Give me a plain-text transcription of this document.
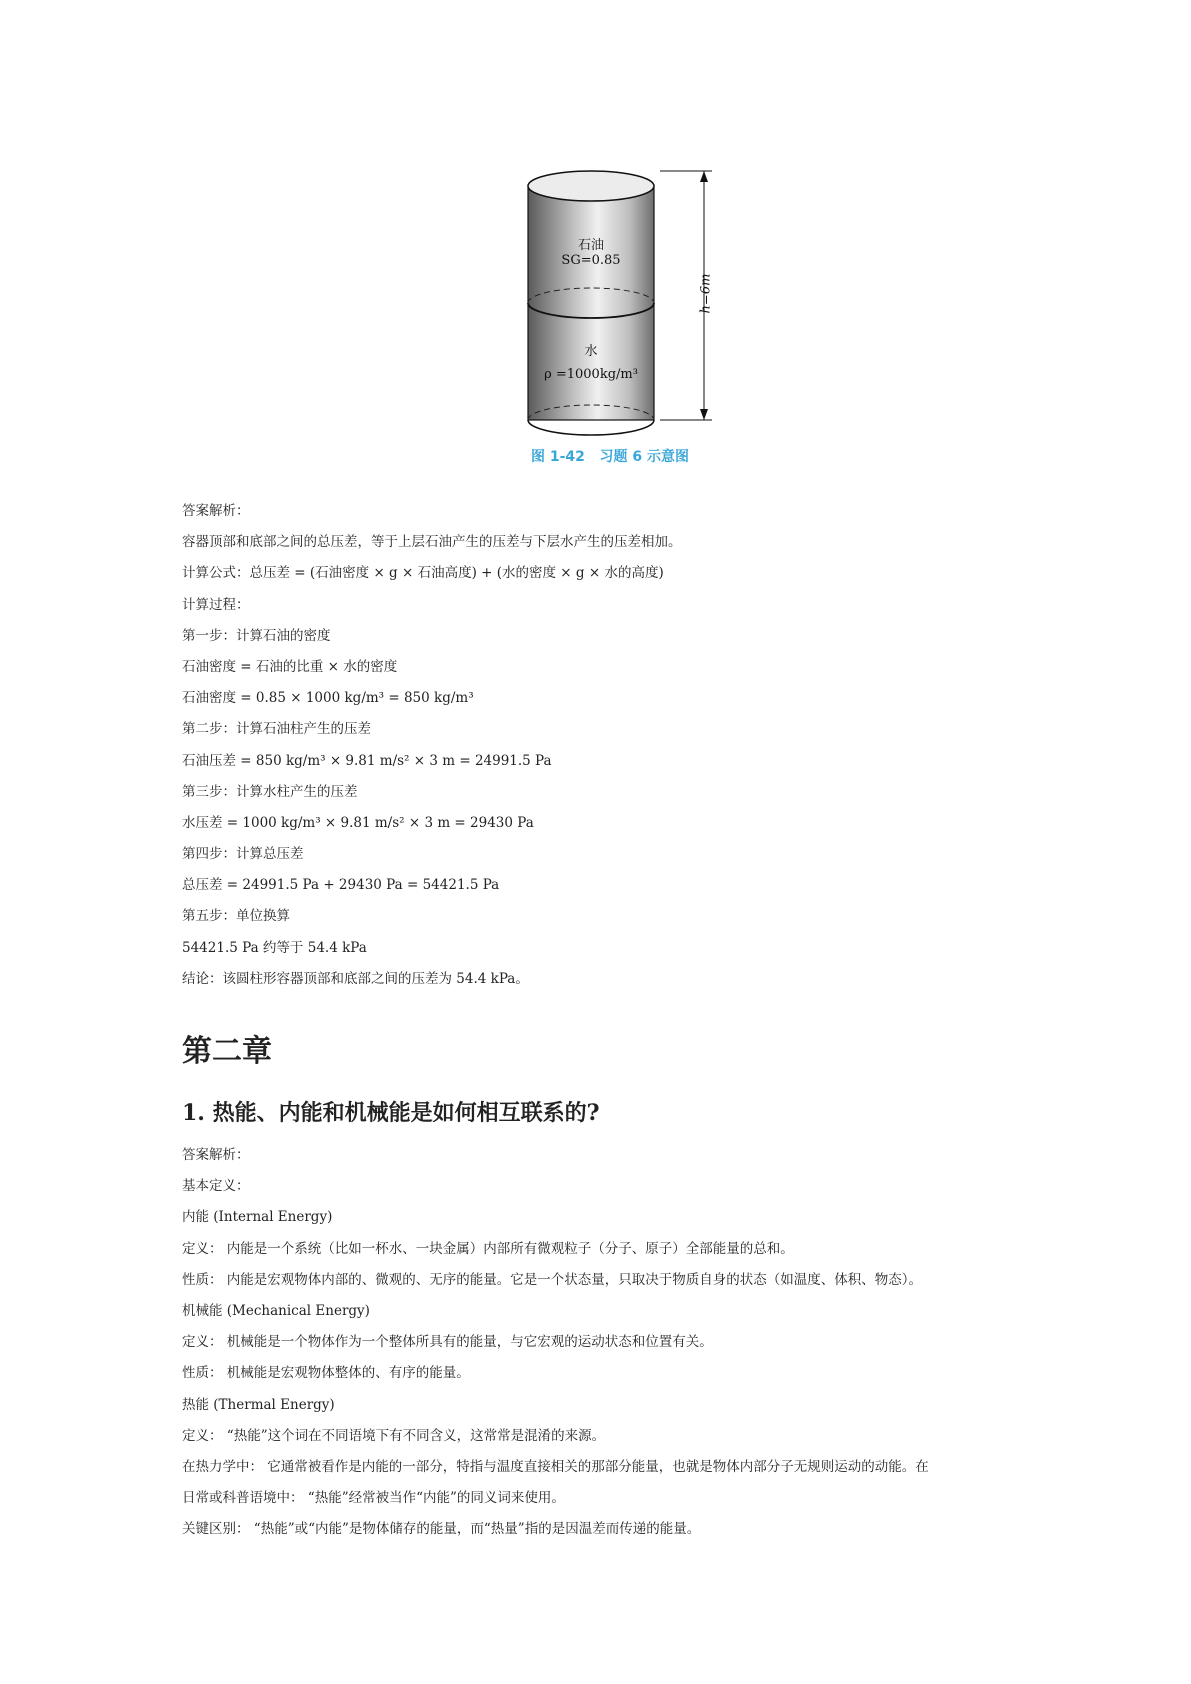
石油
SG=0.85
水
ρ =1000kg/m³
h=6m
图 1-42   习题 6 示意图
答案解析：
容器顶部和底部之间的总压差，等于上层石油产生的压差与下层水产生的压差相加。
计算公式：总压差 = (石油密度 × g × 石油高度) + (水的密度 × g × 水的高度)
计算过程：
第一步：计算石油的密度
石油密度 = 石油的比重 × 水的密度
石油密度 = 0.85 × 1000 kg/m³ = 850 kg/m³
第二步：计算石油柱产生的压差
石油压差 = 850 kg/m³ × 9.81 m/s² × 3 m = 24991.5 Pa
第三步：计算水柱产生的压差
水压差 = 1000 kg/m³ × 9.81 m/s² × 3 m = 29430 Pa
第四步：计算总压差
总压差 = 24991.5 Pa + 29430 Pa = 54421.5 Pa
第五步：单位换算
54421.5 Pa 约等于 54.4 kPa
结论：该圆柱形容器顶部和底部之间的压差为 54.4 kPa。
第二章
1. 热能、内能和机械能是如何相互联系的?
答案解析：
基本定义：
内能 (Internal Energy)
定义： 内能是一个系统（比如一杯水、一块金属）内部所有微观粒子（分子、原子）全部能量的总和。
性质： 内能是宏观物体内部的、微观的、无序的能量。它是一个状态量，只取决于物质自身的状态（如温度、体积、物态）。
机械能 (Mechanical Energy)
定义： 机械能是一个物体作为一个整体所具有的能量，与它宏观的运动状态和位置有关。
性质： 机械能是宏观物体整体的、有序的能量。
热能 (Thermal Energy)
定义： “热能”这个词在不同语境下有不同含义，这常常是混淆的来源。
在热力学中： 它通常被看作是内能的一部分，特指与温度直接相关的那部分能量，也就是物体内部分子无规则运动的动能。在
日常或科普语境中： “热能”经常被当作“内能”的同义词来使用。
关键区别： “热能”或“内能”是物体储存的能量，而“热量”指的是因温差而传递的能量。
